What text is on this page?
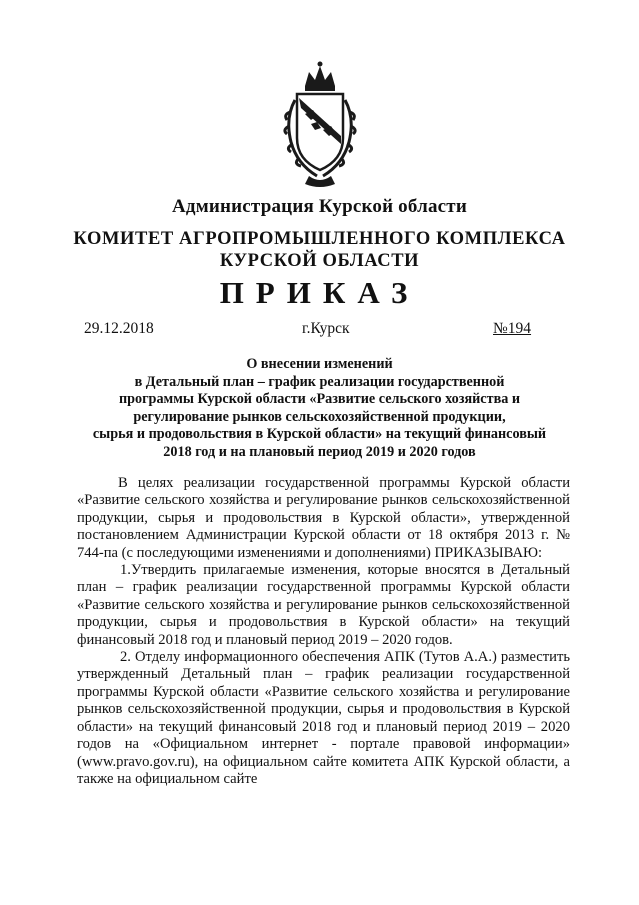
Администрация Курской области
КОМИТЕТ АГРОПРОМЫШЛЕННОГО КОМПЛЕКСА
КУРСКОЙ ОБЛАСТИ
ПРИКАЗ
29.12.2018	г.Курск	№194
О внесении изменений
в Детальный план – график реализации государственной
программы Курской области «Развитие сельского хозяйства и
регулирование рынков сельскохозяйственной продукции,
сырья и продовольствия в Курской области» на текущий финансовый
2018 год и на плановый период 2019 и 2020 годов

В целях реализации государственной программы Курской области «Развитие сельского хозяйства и регулирование рынков сельскохозяйственной продукции, сырья и продовольствия в Курской области», утвержденной постановлением Администрации Курской области от 18 октября 2013 г. № 744-па (с последующими изменениями и дополнениями) ПРИКАЗЫВАЮ:

1.Утвердить прилагаемые изменения, которые вносятся в Детальный план – график реализации государственной программы Курской области «Развитие сельского хозяйства и регулирование рынков сельскохозяйственной продукции, сырья и продовольствия в Курской области» на текущий финансовый 2018 год и плановый период 2019 – 2020 годов.

2. Отделу информационного обеспечения АПК (Тутов А.А.) разместить утвержденный Детальный план – график реализации государственной программы Курской области «Развитие сельского хозяйства и регулирование рынков сельскохозяйственной продукции, сырья и продовольствия в Курской области» на текущий финансовый 2018 год и плановый период 2019 – 2020 годов на «Официальном интернет - портале правовой информации» (www.pravo.gov.ru), на официальном сайте комитета АПК Курской области, а также на официальном сайте
